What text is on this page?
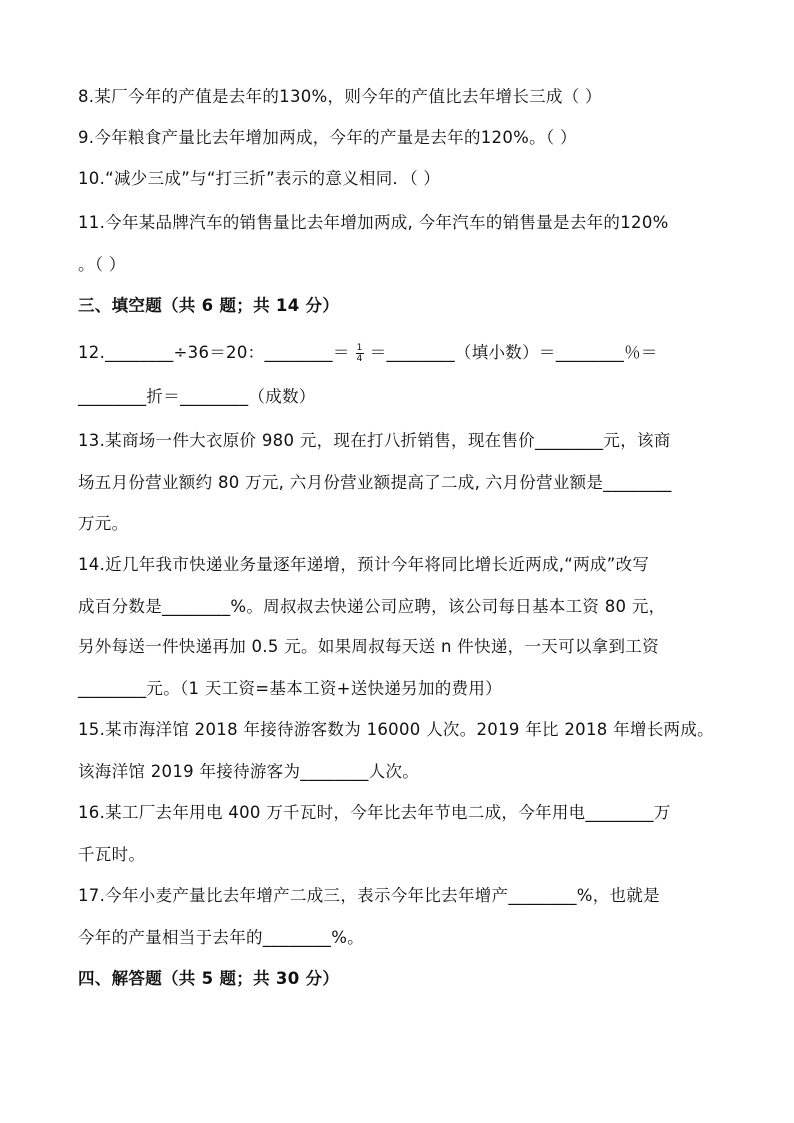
8.某厂今年的产值是去年的130%，则今年的产值比去年增长三成（ ）
9.今年粮食产量比去年增加两成，今年的产量是去年的120%。（ ）
10.“减少三成”与“打三折”表示的意义相同．（ ）
11.今年某品牌汽车的销售量比去年增加两成, 今年汽车的销售量是去年的120%
。（ ）
三、填空题（共 6 题；共 14 分）
12.________÷36＝20：________＝ $\frac{1}{4}$ ＝________（填小数）＝________％＝
________折＝________（成数）
13.某商场一件大衣原价 980 元，现在打八折销售，现在售价________元，该商
场五月份营业额约 80 万元, 六月份营业额提高了二成, 六月份营业额是________
万元。
14.近几年我市快递业务量逐年递增，预计今年将同比增长近两成,“两成”改写
成百分数是________%。周叔叔去快递公司应聘，该公司每日基本工资 80 元，
另外每送一件快递再加 0.5 元。如果周叔每天送 n 件快递，一天可以拿到工资
________元。（1 天工资=基本工资+送快递另加的费用）
15.某市海洋馆 2018 年接待游客数为 16000 人次。2019 年比 2018 年增长两成。
该海洋馆 2019 年接待游客为________人次。
16.某工厂去年用电 400 万千瓦时，今年比去年节电二成，今年用电________万
千瓦时。
17.今年小麦产量比去年增产二成三，表示今年比去年增产________%，也就是
今年的产量相当于去年的________%。
四、解答题（共 5 题；共 30 分）
